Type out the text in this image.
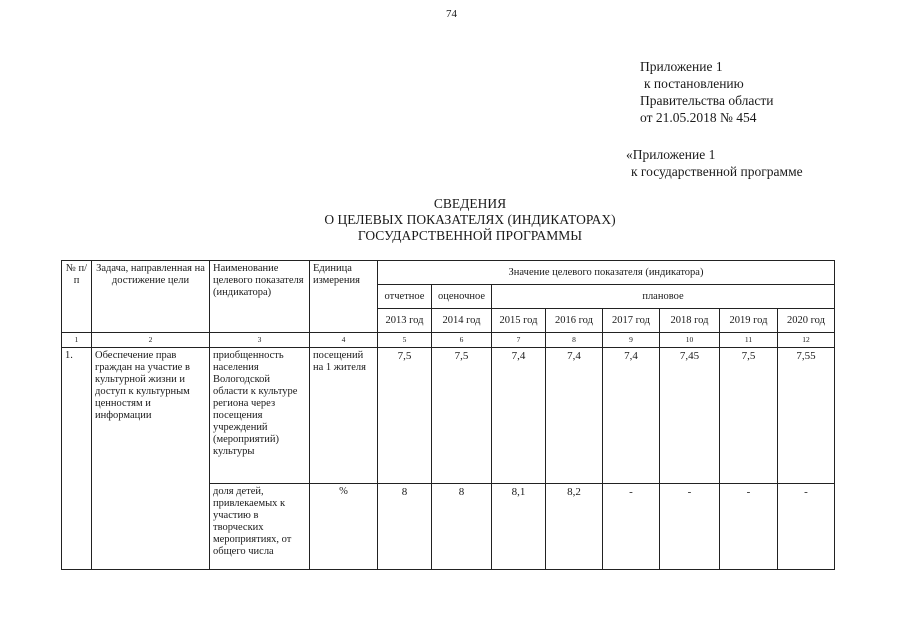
74
Приложение 1
к постановлению
Правительства области
от 21.05.2018 № 454
«Приложение 1
к государственной программе
СВЕДЕНИЯ
О ЦЕЛЕВЫХ ПОКАЗАТЕЛЯХ (ИНДИКАТОРАХ)
ГОСУДАРСТВЕННОЙ ПРОГРАММЫ
№ п/п	Задача, направленная на достижение цели	Наименование целевого показателя (индикатора)	Единица измерения	Значение целевого показателя (индикатора)							
				отчетное	оценочное	плановое					
				2013 год	2014 год	2015 год	2016 год	2017 год	2018 год	2019 год	2020 год
1	2	3	4	5	6	7	8	9	10	11	12
1.	Обеспечение прав граждан на участие в культурной жизни и доступ к культурным ценностям и информации	приобщенность населения Вологодской области к культуре региона через посещения учреждений (мероприятий) культуры	посещений на 1 жителя	7,5	7,5	7,4	7,4	7,4	7,45	7,5	7,55
		доля детей, привлекаемых к участию в творческих мероприятиях, от общего числа	%	8	8	8,1	8,2	-	-	-	-
